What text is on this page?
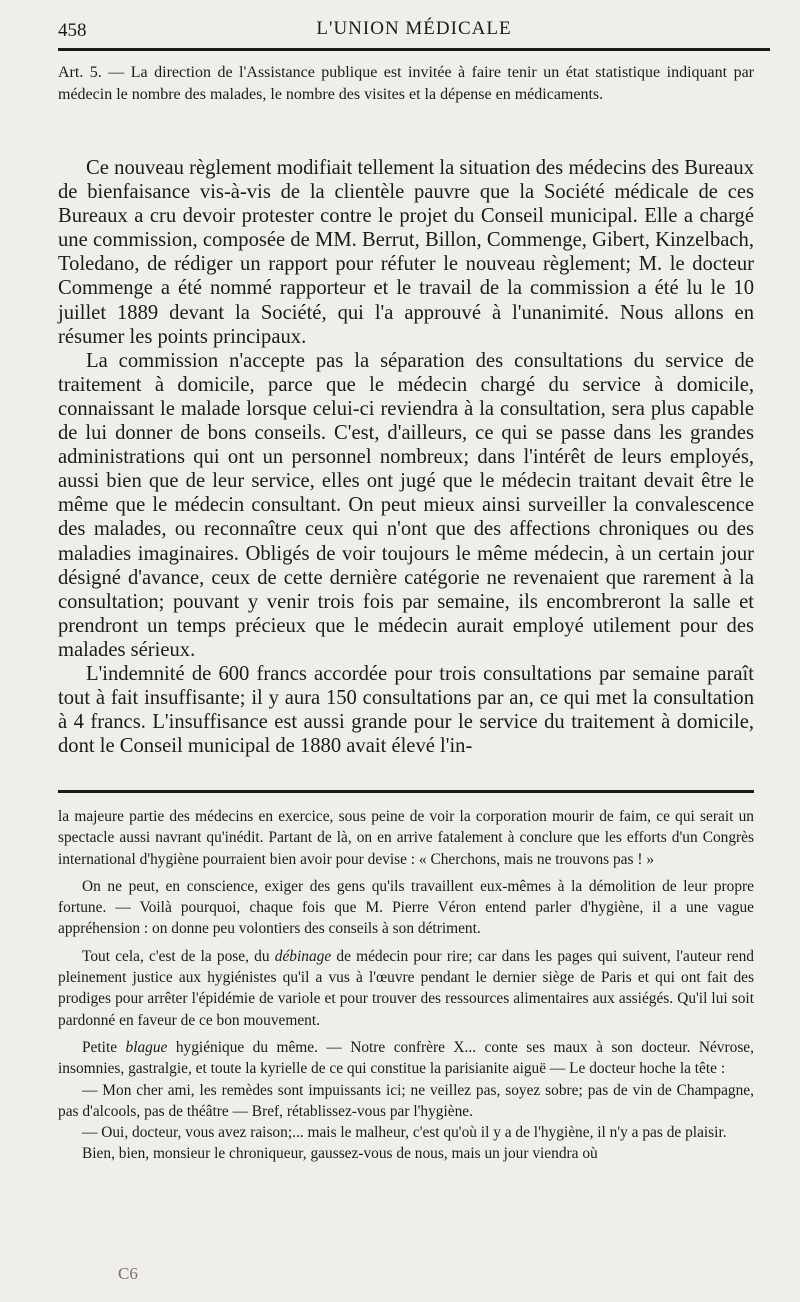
458	L'UNION MÉDICALE
Art. 5. — La direction de l'Assistance publique est invitée à faire tenir un état statistique indiquant par médecin le nombre des malades, le nombre des visites et la dépense en médicaments.

Ce nouveau règlement modifiait tellement la situation des médecins des Bureaux de bienfaisance vis-à-vis de la clientèle pauvre que la Société médicale de ces Bureaux a cru devoir protester contre le projet du Conseil municipal. Elle a chargé une commission, composée de MM. Berrut, Billon, Commenge, Gibert, Kinzelbach, Toledano, de rédiger un rapport pour réfuter le nouveau règlement; M. le docteur Commenge a été nommé rapporteur et le travail de la commission a été lu le 10 juillet 1889 devant la Société, qui l'a approuvé à l'unanimité. Nous allons en résumer les points principaux.

La commission n'accepte pas la séparation des consultations du service de traitement à domicile, parce que le médecin chargé du service à domicile, connaissant le malade lorsque celui-ci reviendra à la consultation, sera plus capable de lui donner de bons conseils. C'est, d'ailleurs, ce qui se passe dans les grandes administrations qui ont un personnel nombreux; dans l'intérêt de leurs employés, aussi bien que de leur service, elles ont jugé que le médecin traitant devait être le même que le médecin consultant. On peut mieux ainsi surveiller la convalescence des malades, ou reconnaître ceux qui n'ont que des affections chroniques ou des maladies imaginaires. Obligés de voir toujours le même médecin, à un certain jour désigné d'avance, ceux de cette dernière catégorie ne revenaient que rarement à la consultation; pouvant y venir trois fois par semaine, ils encombreront la salle et prendront un temps précieux que le médecin aurait employé utilement pour des malades sérieux.

L'indemnité de 600 francs accordée pour trois consultations par semaine paraît tout à fait insuffisante; il y aura 150 consultations par an, ce qui met la consultation à 4 francs. L'insuffisance est aussi grande pour le service du traitement à domicile, dont le Conseil municipal de 1880 avait élevé l'in-

la majeure partie des médecins en exercice, sous peine de voir la corporation mourir de faim, ce qui serait un spectacle aussi navrant qu'inédit. Partant de là, on en arrive fatalement à conclure que les efforts d'un Congrès international d'hygiène pourraient bien avoir pour devise : « Cherchons, mais ne trouvons pas ! »

On ne peut, en conscience, exiger des gens qu'ils travaillent eux-mêmes à la démolition de leur propre fortune. — Voilà pourquoi, chaque fois que M. Pierre Véron entend parler d'hygiène, il a une vague appréhension : on donne peu volontiers des conseils à son détriment.

Tout cela, c'est de la pose, du débinage de médecin pour rire; car dans les pages qui suivent, l'auteur rend pleinement justice aux hygiénistes qu'il a vus à l'œuvre pendant le dernier siège de Paris et qui ont fait des prodiges pour arrêter l'épidémie de variole et pour trouver des ressources alimentaires aux assiégés. Qu'il lui soit pardonné en faveur de ce bon mouvement.

Petite blague hygiénique du même. — Notre confrère X... conte ses maux à son docteur. Névrose, insomnies, gastralgie, et toute la kyrielle de ce qui constitue la parisianite aiguë — Le docteur hoche la tête :

— Mon cher ami, les remèdes sont impuissants ici; ne veillez pas, soyez sobre; pas de vin de Champagne, pas d'alcools, pas de théâtre — Bref, rétablissez-vous par l'hygiène.

— Oui, docteur, vous avez raison;... mais le malheur, c'est qu'où il y a de l'hygiène, il n'y a pas de plaisir.

Bien, bien, monsieur le chroniqueur, gaussez-vous de nous, mais un jour viendra où

C6
